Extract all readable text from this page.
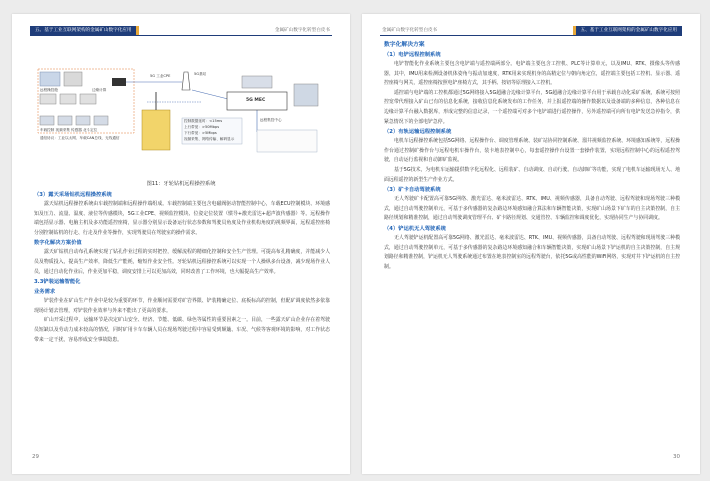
五、基于工业互联网架构的金属矿山数字化应用	金属矿山数字化转型白皮书
远程操控舱	边缘计算
5G 工业CPE	5G基站
5G MEC
远程集控中心
控制数据延时：<15ms
上行带宽：>50Mbps
下行带宽：>5Mbps
视频采集、网络传输、解码显示
车载控制 视频采集 传感器 北斗定位
通信协议：工业以太网、车载CAN总线、无线通信
图11：牙轮钻机远程操控系统
（3）露天采场钻机远程操控系统

露天钻机远程操控系统由车载控制端和远程操作端组成。车载控制端主要包含电磁阀驱动智能控制中心，车载ECU控制模块、环境感知及压力、流量、温度、液位等传感模块，5G工业CPE、视频监控模块、位姿定位装置（惯导+激光雷达+超声波传感器）等。远程操作端包括显示器、电脑主机及多功能遥控座椅，显示器分别显示设备运行状态参数和驾驶员角度及作业机构角度的视频界面，远程遥控座椅分别控制钻机的行走、行走及作业等操作，实现驾驶员在驾驶室的操作需求。

数字化解决方案价值

露天矿钻机自动布孔系统实现了钻孔作业过程的实时把控，缓解流程的精细化控制和安全生产管理。可提高布孔精确度，并能减少人员及物质投入，提高生产效率，降低生产能耗，缩短作业安全性。牙轮钻机远程操控系统可以实现一个人操纵多台设备，减少现场作业人员，通过自动化作业后，作业更加平稳，调度安排上可以更加高效，同时改善了工作环境，也大幅提高生产效率。

3.3铲装运输智能化
业务需求

铲装作业在矿山生产作业中是较为重要的环节，作业顺问需要对矿岩界限、铲装精确定位、底板标高的控制，但配矿调度依然多依靠现场计划去管理，对铲装作业效率与外来不能出了更高的要求。

矿山开采过程中，运输环节是决定矿山安全、经济、节能、低碳、绿色等属性的重要因素之一。目前，一些露天矿山企业存在着驾驶员短缺以及劳动力成本较高的情况，同时矿用卡车车辆人员在现场驾驶过程中容易受到颠簸、车况、气候等客观环境的影响，对工作状态带来一定干扰，容易形成安全事故隐患。

29
金属矿山数字化转型白皮书	五、基于工业互联网架构的金属矿山数字化应用
数字化解决方案
（1）电铲远程控制系统

电铲智能化作业系统主要包含电铲端与遥控端两部分。电铲端主要包含工控机、PLC等计算单元，以及IMU、RTK、摄像头等传感器，其中，IMU用来检测设备机体姿角与振动加速度，RTK用来实现机身的高精定位与朝向角定位，遥控端主要包括工控机、显示器、遥控座椅与网关，遥控座椅按照电铲座椅方式，其手柄、按钮等原理接入工控机。

遥控端与电铲端的工控机都通过5G网络接入5G超融合边缘计算平台，5G超融合边缘计算平台用于承载自动化采矿系统，系统可按照控宽带代理接入矿山已有的信息化系统，接收信息化系统发布的工作任务，并上报遥控端的操作数据以及设备端的多种信息，各种信息在边缘计算平台融入数据库，形成完整的信息记录，一个遥控端可对多个电铲端进行遥控操作，另外遥控端可向所有电铲发送急停指令，供紧急情况下的全部电铲急停。

（2）有轨运输远程控制系统

电机车远程操控系统包括5G网络、远程操作台、调度管理系统、装矿站协同控制系统、溜井视频监控系统、环境感知系统等，远程操作台通过控制矿操作台与远程电机车操作台，装卡地表控制中心，每套遥控操作台设置一套操作装置，实现远程控制中心的远程遥控驾驶，自动运行监视和自动卸矿监视。

基于5G技术，为电机车运输提供数字化远程化、远程装矿、自动调度、自动行驶、自动卸矿等功能，实现了电机车运输现场无人、地面远程遥控的新型生产作业方式。

（3）矿卡自动驾驶系统

无人驾驶矿卡配置高可靠5G网络、激光雷达、毫米波雷达、RTK、IMU、视频传感器，具备自动驾驶、远程驾驶和现场驾驶三种模式，通过自动驾驶控制单元，可基于多传感器的复杂路边环境感知融合算法和车辆智能决策，实现矿山场景下矿车的自主决策控制，自主路径规划和精准控制，通过自动驾驶调度管理平台、矿卡路径规划、交通管控、车辆监控和调度优化，实现协同生产与协同调度。

（4）铲运机无人驾驶系统

无人驾驶铲运机配置高可靠5G网络、激光雷达、毫米波雷达、RTK、IMU、视频传感器，具备自动驾驶、远程驾驶和现场驾驶三种模式，通过自动驾驶控制单元，可基于多传感器的复杂路边环境感知融合和车辆智能决策，实现矿山场景下铲运机的自主决策控制，自主规划路径和精准控制，铲运机无人驾驶系统通过布置在地表控制室的远程驾驶台，依托5G或高性能的WiFi网络，实现对井下铲运机的自主控制。

30
